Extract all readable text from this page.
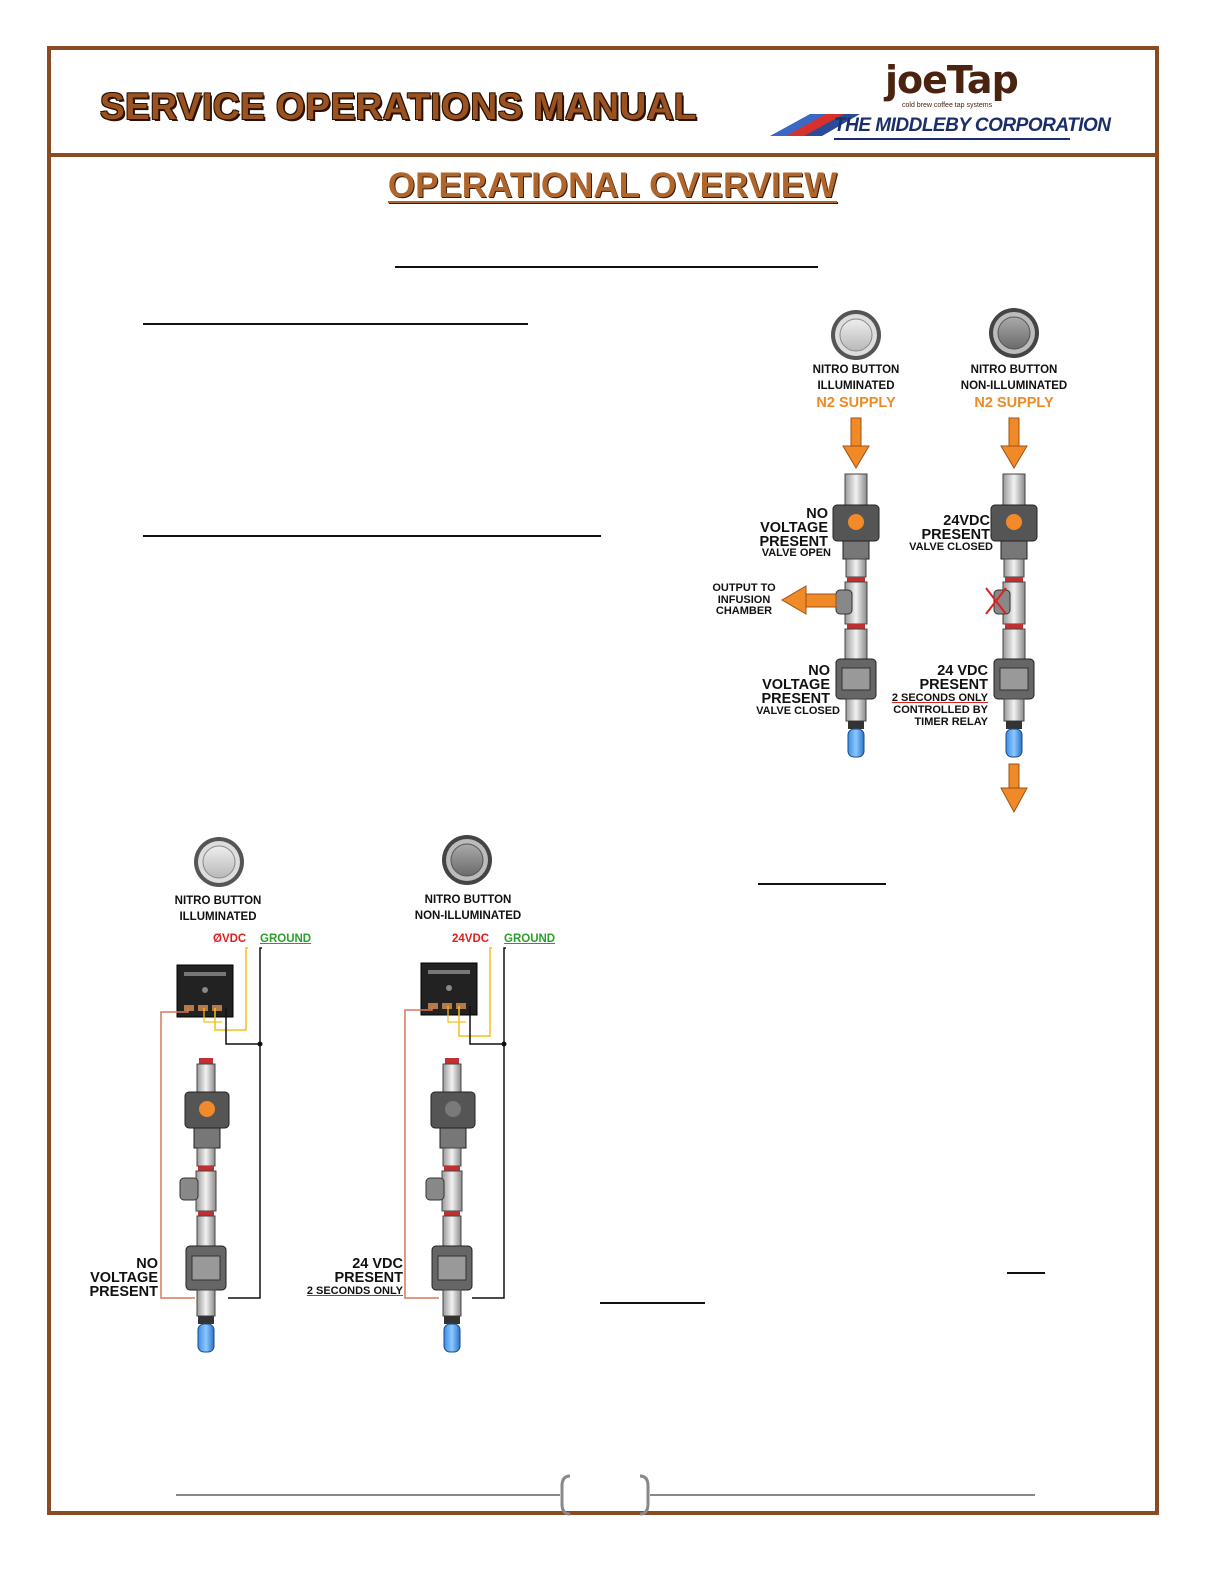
SERVICE OPERATIONS MANUAL
joeTap
cold brew coffee tap systems
THE MIDDLEBY CORPORATION
OPERATIONAL OVERVIEW
NITRO BUTTON
ILLUMINATED
N2 SUPPLY
NO
VOLTAGE
PRESENT
VALVE OPEN
OUTPUT TO
INFUSION
CHAMBER
NO
VOLTAGE
PRESENT
VALVE CLOSED
NITRO BUTTON
NON-ILLUMINATED
N2 SUPPLY
24VDC
PRESENT
VALVE CLOSED
24 VDC
PRESENT
2 SECONDS ONLY
CONTROLLED BY
TIMER RELAY
NITRO BUTTON
ILLUMINATED
ØVDC GROUND
NO
VOLTAGE
PRESENT
NITRO BUTTON
NON-ILLUMINATED
24VDC GROUND
24 VDC
PRESENT
2 SECONDS ONLY
